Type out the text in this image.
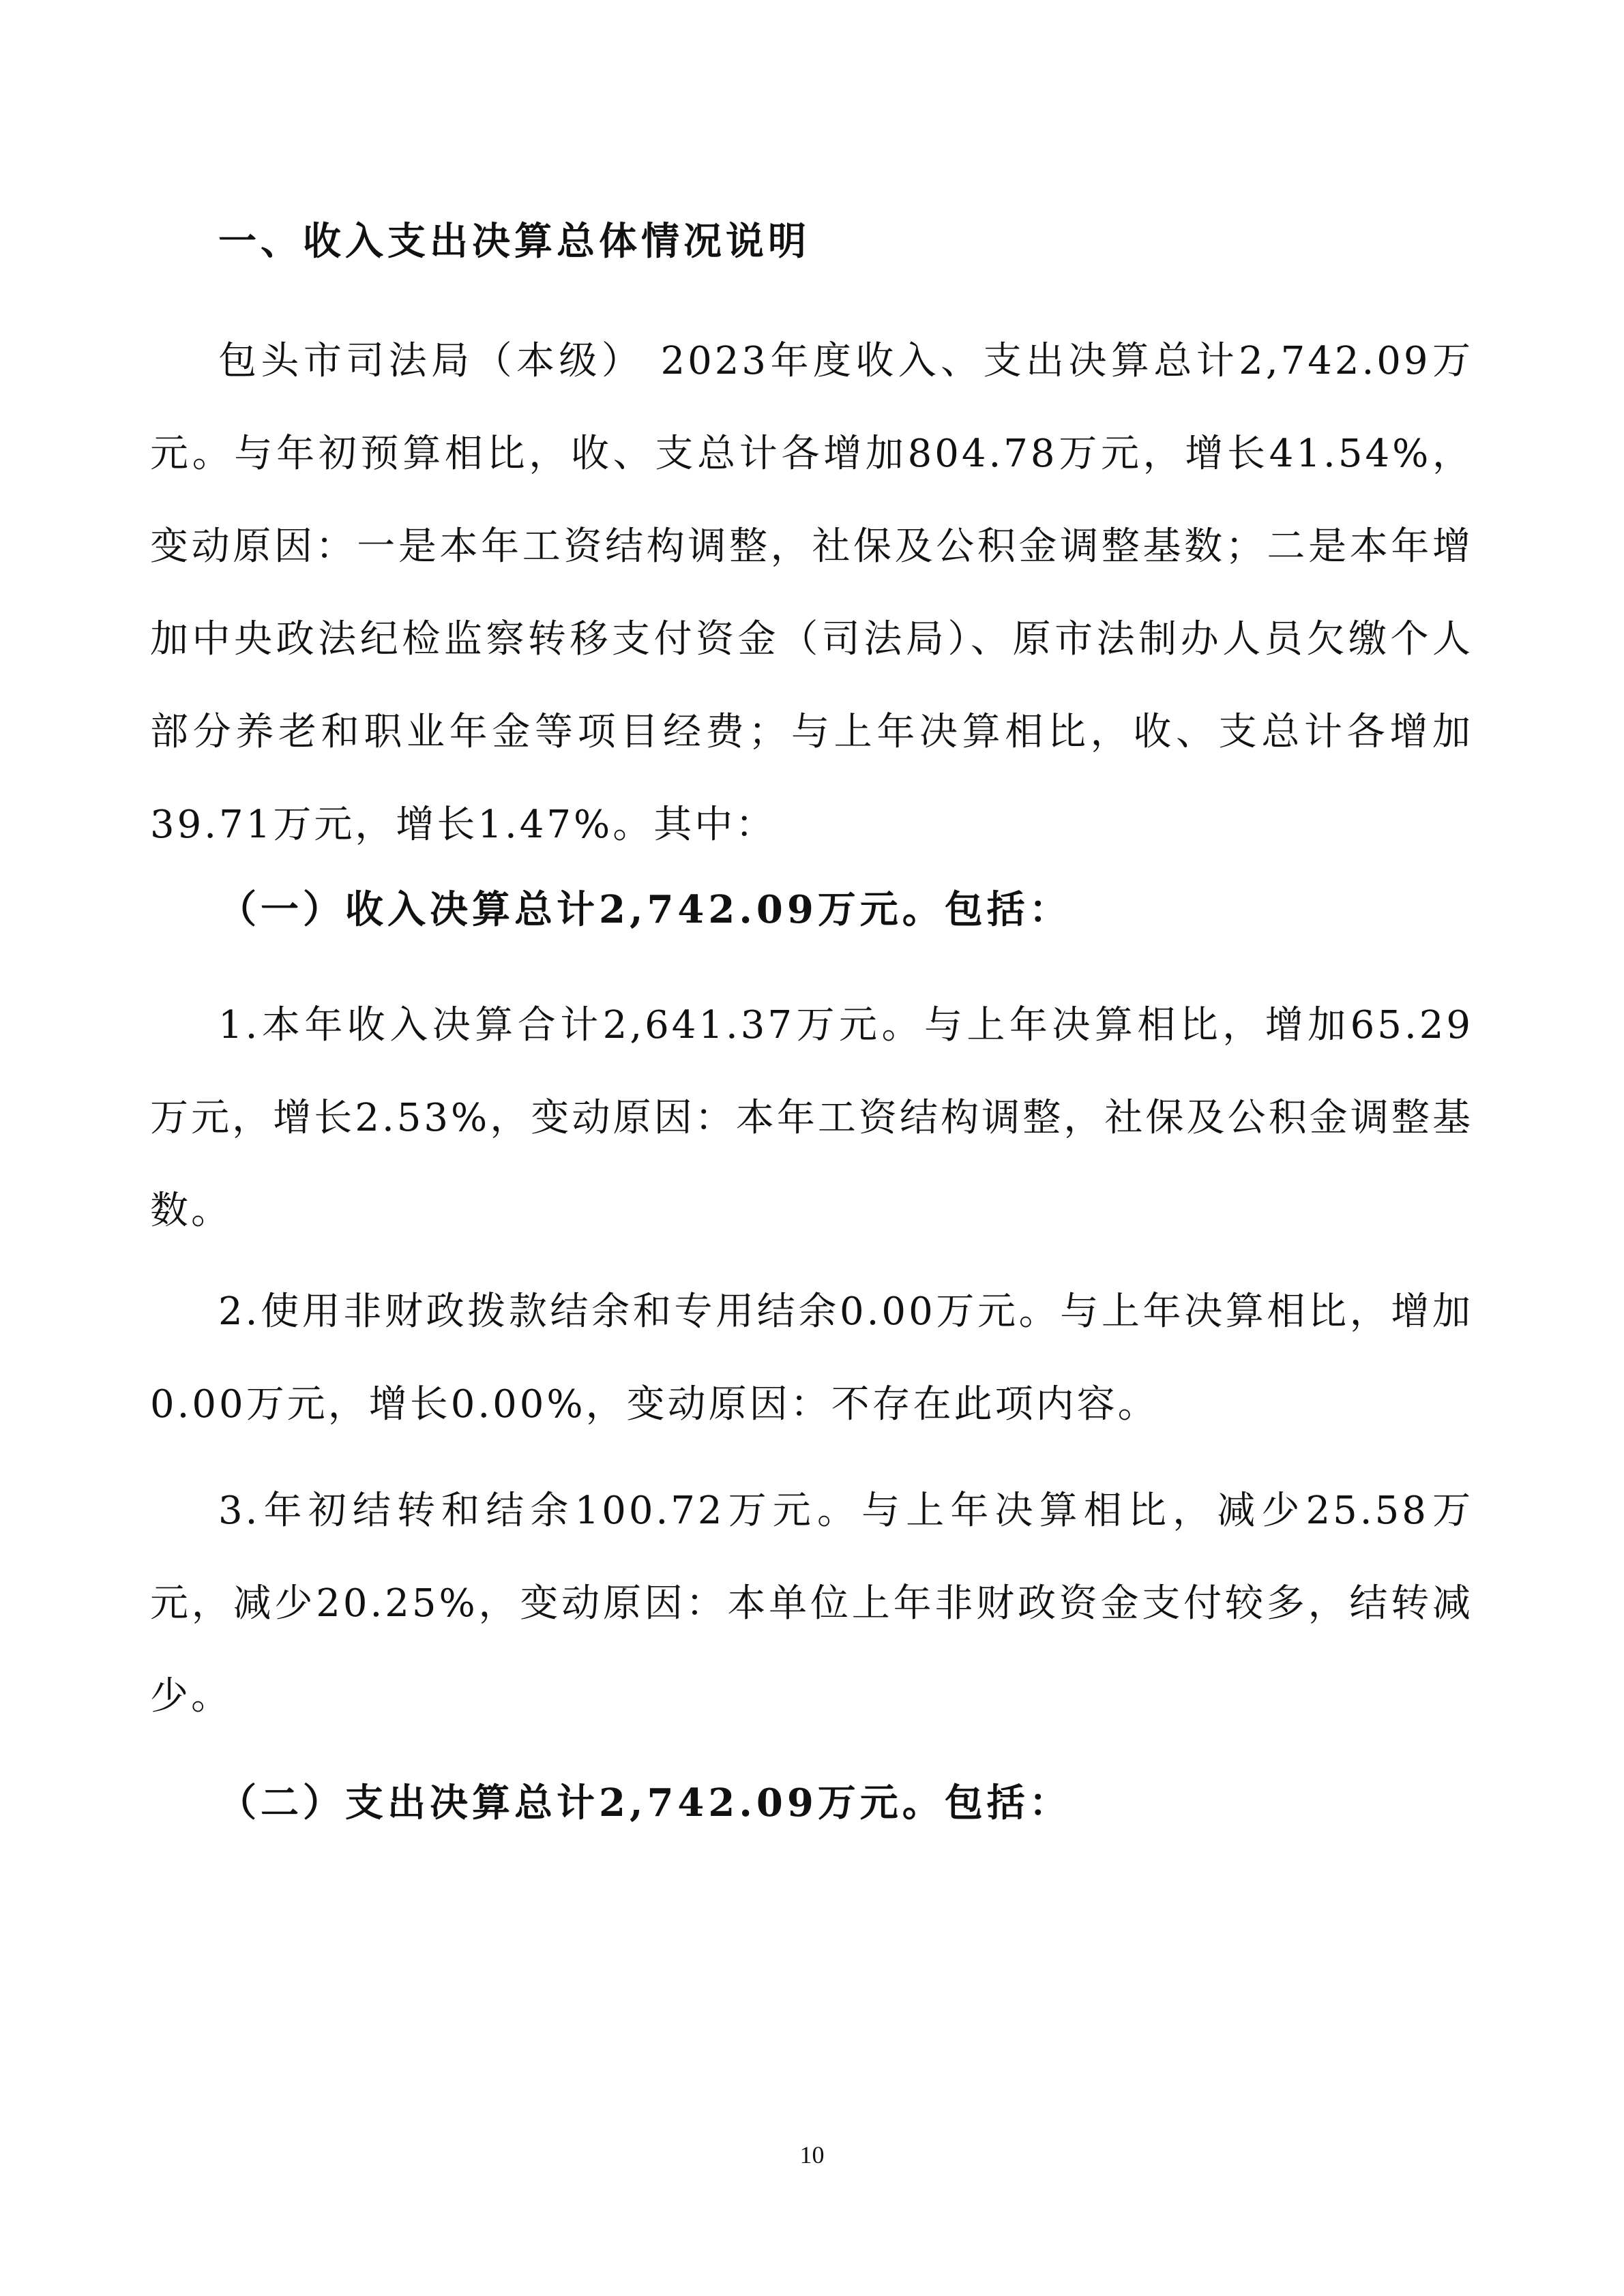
一、收入支出决算总体情况说明

包头市司法局（本级） 2023年度收入、支出决算总计2,742.09万元。与年初预算相比，收、支总计各增加804.78万元，增长41.54%，变动原因：一是本年工资结构调整，社保及公积金调整基数；二是本年增加中央政法纪检监察转移支付资金（司法局）、原市法制办人员欠缴个人部分养老和职业年金等项目经费；与上年决算相比，收、支总计各增加39.71万元，增长1.47%。其中：

（一）收入决算总计2,742.09万元。包括：

1.本年收入决算合计2,641.37万元。与上年决算相比，增加65.29万元，增长2.53%，变动原因：本年工资结构调整，社保及公积金调整基数。

2.使用非财政拨款结余和专用结余0.00万元。与上年决算相比，增加0.00万元，增长0.00%，变动原因：不存在此项内容。

3.年初结转和结余100.72万元。与上年决算相比，减少25.58万元，减少20.25%，变动原因：本单位上年非财政资金支付较多，结转减少。

（二）支出决算总计2,742.09万元。包括：

10
